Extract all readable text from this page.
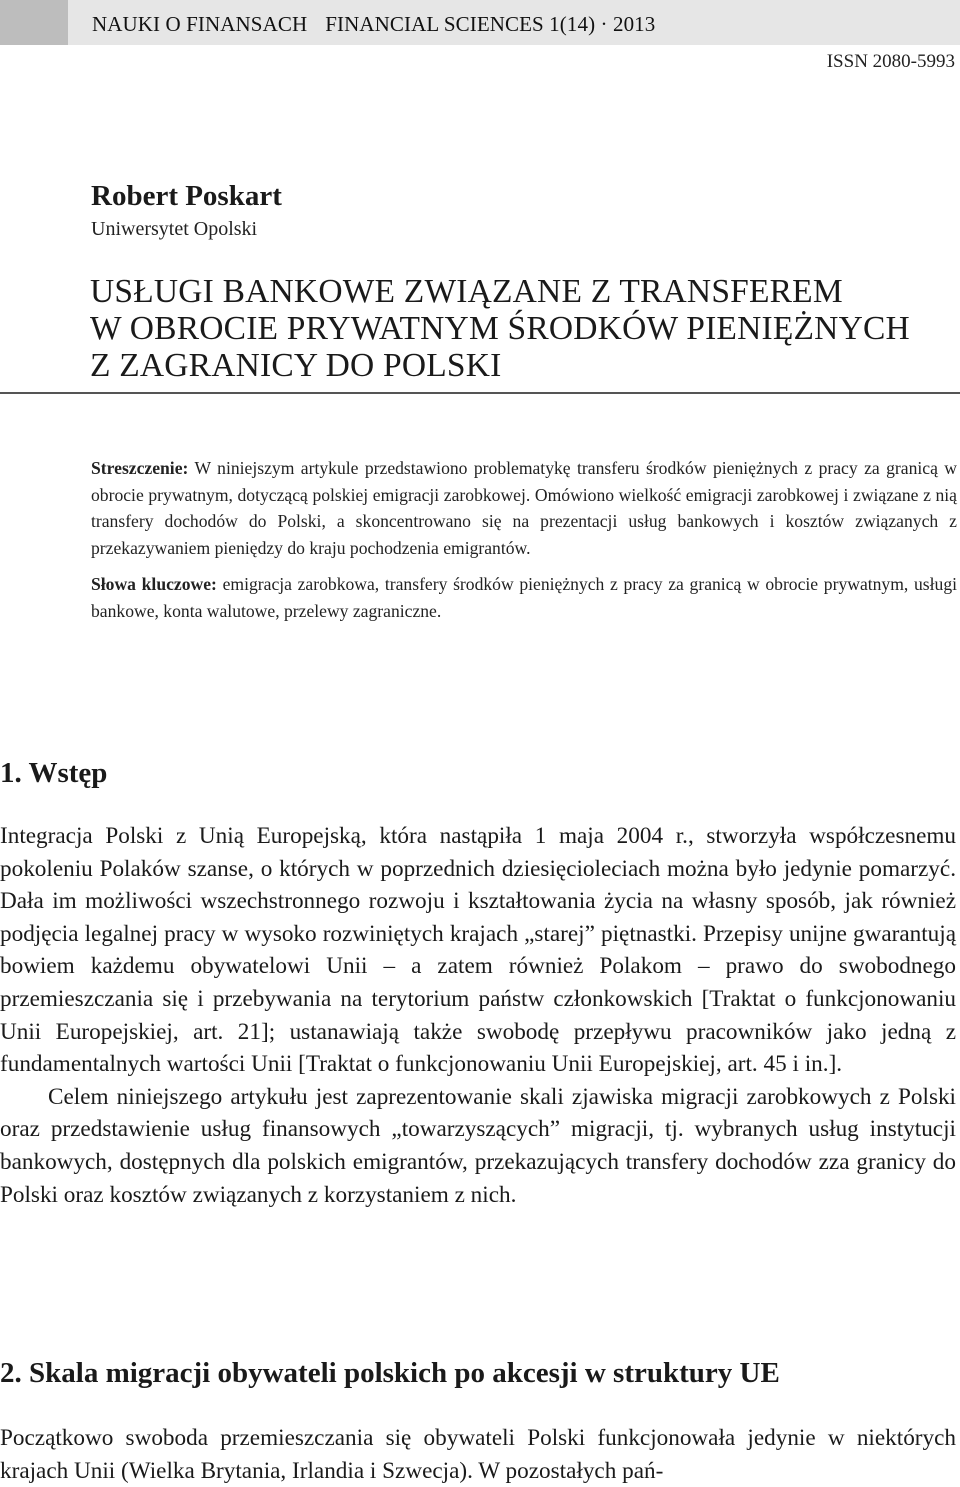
NAUKI O FINANSACH FINANCIAL SCIENCES 1(14) · 2013
ISSN 2080-5993
Robert Poskart
Uniwersytet Opolski
USŁUGI BANKOWE ZWIĄZANE Z TRANSFEREM
W OBROCIE PRYWATNYM ŚRODKÓW PIENIĘŻNYCH
Z ZAGRANICY DO POLSKI

Streszczenie: W niniejszym artykule przedstawiono problematykę transferu środków pieniężnych z pracy za granicą w obrocie prywatnym, dotyczącą polskiej emigracji zarobkowej. Omówiono wielkość emigracji zarobkowej i związane z nią transfery dochodów do Polski, a skoncentrowano się na prezentacji usług bankowych i kosztów związanych z przekazywaniem pieniędzy do kraju pochodzenia emigrantów.

Słowa kluczowe: emigracja zarobkowa, transfery środków pieniężnych z pracy za granicą w obrocie prywatnym, usługi bankowe, konta walutowe, przelewy zagraniczne.

1. Wstęp

Integracja Polski z Unią Europejską, która nastąpiła 1 maja 2004 r., stworzyła współczesnemu pokoleniu Polaków szanse, o których w poprzednich dziesięcioleciach można było jedynie pomarzyć. Dała im możliwości wszechstronnego rozwoju i kształtowania życia na własny sposób, jak również podjęcia legalnej pracy w wysoko rozwiniętych krajach „starej” piętnastki. Przepisy unijne gwarantują bowiem każdemu obywatelowi Unii – a zatem również Polakom – prawo do swobodnego przemieszczania się i przebywania na terytorium państw członkowskich [Traktat o funkcjonowaniu Unii Europejskiej, art. 21]; ustanawiają także swobodę przepływu pracowników jako jedną z fundamentalnych wartości Unii [Traktat o funkcjonowaniu Unii Europejskiej, art. 45 i in.].

Celem niniejszego artykułu jest zaprezentowanie skali zjawiska migracji zarobkowych z Polski oraz przedstawienie usług finansowych „towarzyszących” migracji, tj. wybranych usług instytucji bankowych, dostępnych dla polskich emigrantów, przekazujących transfery dochodów zza granicy do Polski oraz kosztów związanych z korzystaniem z nich.

2. Skala migracji obywateli polskich po akcesji w struktury UE

Początkowo swoboda przemieszczania się obywateli Polski funkcjonowała jedynie w niektórych krajach Unii (Wielka Brytania, Irlandia i Szwecja). W pozostałych pań-
